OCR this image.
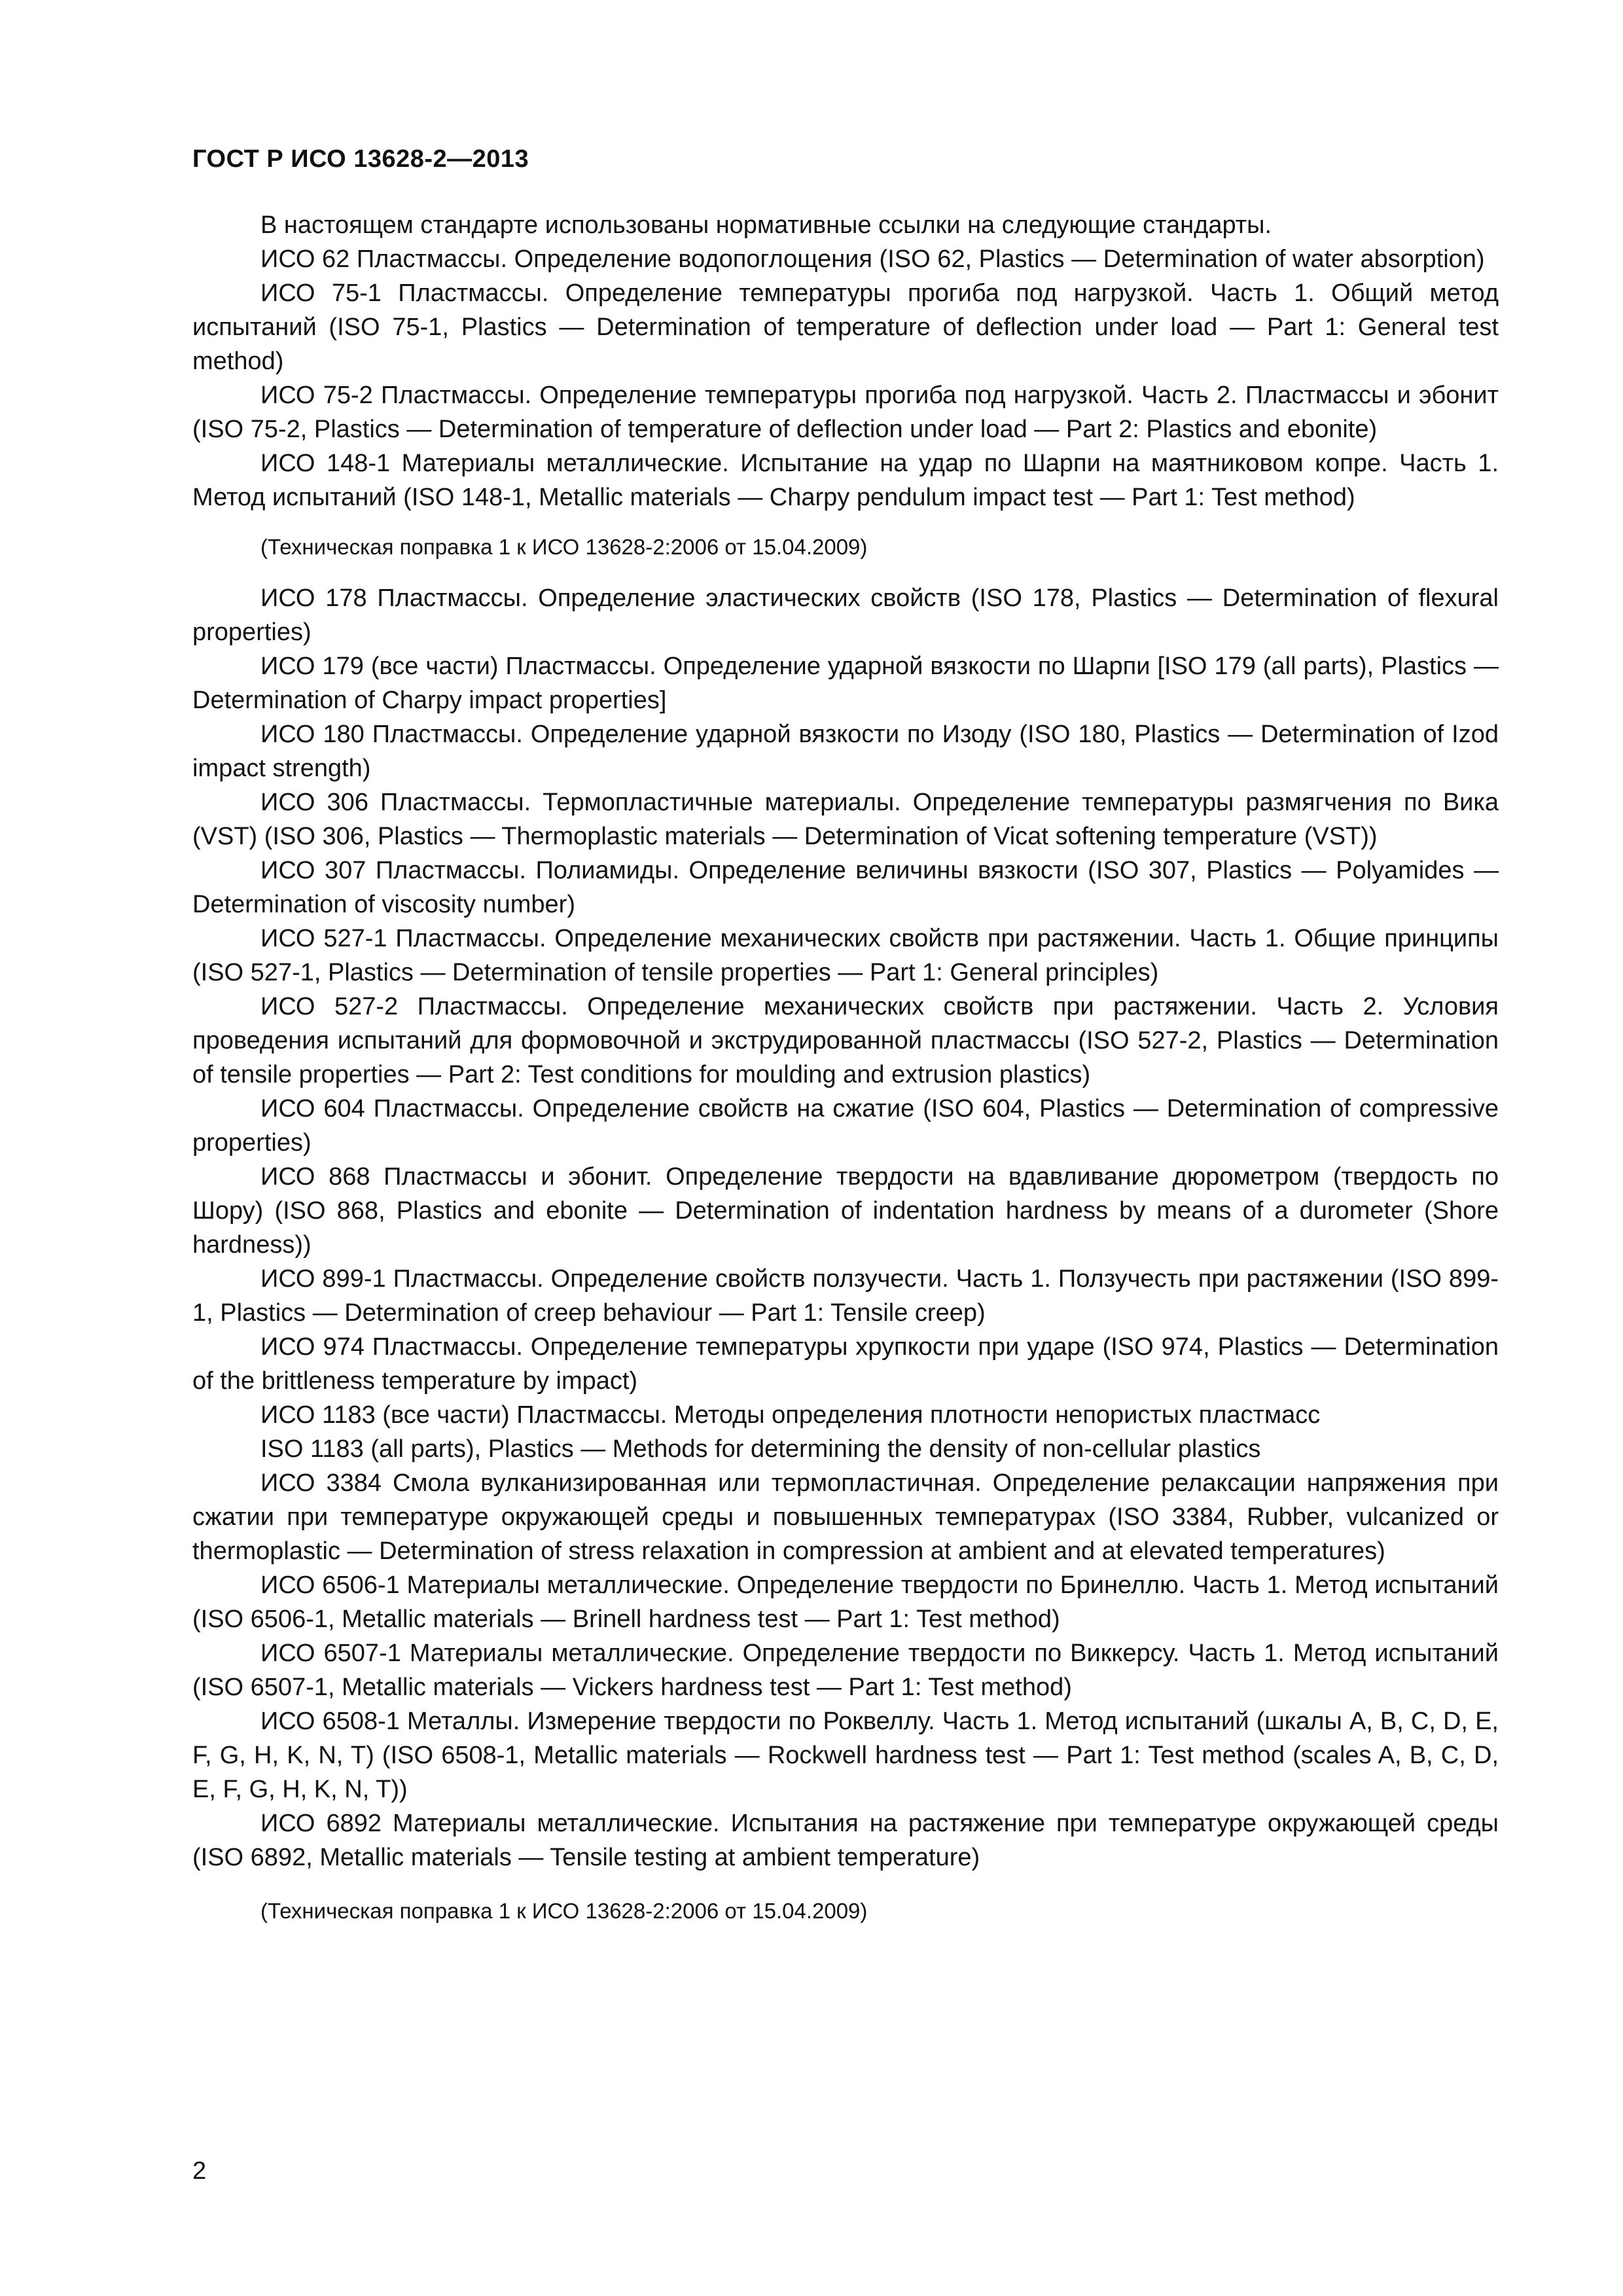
ГОСТ Р ИСО 13628-2—2013

В настоящем стандарте использованы нормативные ссылки на следующие стандарты.

ИСО 62 Пластмассы. Определение водопоглощения (ISO 62, Plastics — Determination of water absorption)

ИСО 75-1 Пластмассы. Определение температуры прогиба под нагрузкой. Часть 1. Общий метод испытаний (ISO 75-1, Plastics — Determination of temperature of deflection under load — Part 1: General test method)

ИСО 75-2 Пластмассы. Определение температуры прогиба под нагрузкой. Часть 2. Пластмассы и эбонит (ISO 75-2, Plastics — Determination of temperature of deflection under load — Part 2: Plastics and ebonite)

ИСО 148-1 Материалы металлические. Испытание на удар по Шарпи на маятниковом копре. Часть 1. Метод испытаний (ISO 148-1, Metallic materials — Charpy pendulum impact test — Part 1: Test method)

(Техническая поправка 1 к ИСО 13628-2:2006 от 15.04.2009)

ИСО 178 Пластмассы. Определение эластических свойств (ISO 178, Plastics — Determination of flexural properties)

ИСО 179 (все части) Пластмассы. Определение ударной вязкости по Шарпи [ISO 179 (all parts), Plastics — Determination of Charpy impact properties]

ИСО 180 Пластмассы. Определение ударной вязкости по Изоду (ISO 180, Plastics — Determination of Izod impact strength)

ИСО 306 Пластмассы. Термопластичные материалы. Определение температуры размягчения по Вика (VST) (ISO 306, Plastics — Thermoplastic materials — Determination of Vicat softening temperature (VST))

ИСО 307 Пластмассы. Полиамиды. Определение величины вязкости (ISO 307, Plastics — Polyamides — Determination of viscosity number)

ИСО 527-1 Пластмассы. Определение механических свойств при растяжении. Часть 1. Общие принципы (ISO 527-1, Plastics — Determination of tensile properties — Part 1: General principles)

ИСО 527-2 Пластмассы. Определение механических свойств при растяжении. Часть 2. Условия проведения испытаний для формовочной и экструдированной пластмассы (ISO 527-2, Plastics — Determination of tensile properties — Part 2: Test conditions for moulding and extrusion plastics)

ИСО 604 Пластмассы. Определение свойств на сжатие (ISO 604, Plastics — Determination of compressive properties)

ИСО 868 Пластмассы и эбонит. Определение твердости на вдавливание дюрометром (твердость по Шору) (ISO 868, Plastics and ebonite — Determination of indentation hardness by means of a durometer (Shore hardness))

ИСО 899-1 Пластмассы. Определение свойств ползучести. Часть 1. Ползучесть при растяжении (ISO 899-1, Plastics — Determination of creep behaviour — Part 1: Tensile creep)

ИСО 974 Пластмассы. Определение температуры хрупкости при ударе (ISO 974, Plastics — Determination of the brittleness temperature by impact)

ИСО 1183 (все части) Пластмассы. Методы определения плотности непористых пластмасс

ISO 1183 (all parts), Plastics — Methods for determining the density of non-cellular plastics

ИСО 3384 Смола вулканизированная или термопластичная. Определение релаксации напряжения при сжатии при температуре окружающей среды и повышенных температурах (ISO 3384, Rubber, vulcanized or thermoplastic — Determination of stress relaxation in compression at ambient and at elevated temperatures)

ИСО 6506-1 Материалы металлические. Определение твердости по Бринеллю. Часть 1. Метод испытаний (ISO 6506-1, Metallic materials — Brinell hardness test — Part 1: Test method)

ИСО 6507-1 Материалы металлические. Определение твердости по Виккерсу. Часть 1. Метод испытаний (ISO 6507-1, Metallic materials — Vickers hardness test — Part 1: Test method)

ИСО 6508-1 Металлы. Измерение твердости по Роквеллу. Часть 1. Метод испытаний (шкалы A, B, C, D, E, F, G, H, K, N, T) (ISO 6508-1, Metallic materials — Rockwell hardness test — Part 1: Test method (scales A, B, C, D, E, F, G, H, K, N, T))

ИСО 6892 Материалы металлические. Испытания на растяжение при температуре окружающей среды (ISO 6892, Metallic materials — Tensile testing at ambient temperature)

(Техническая поправка 1 к ИСО 13628-2:2006 от 15.04.2009)
2
